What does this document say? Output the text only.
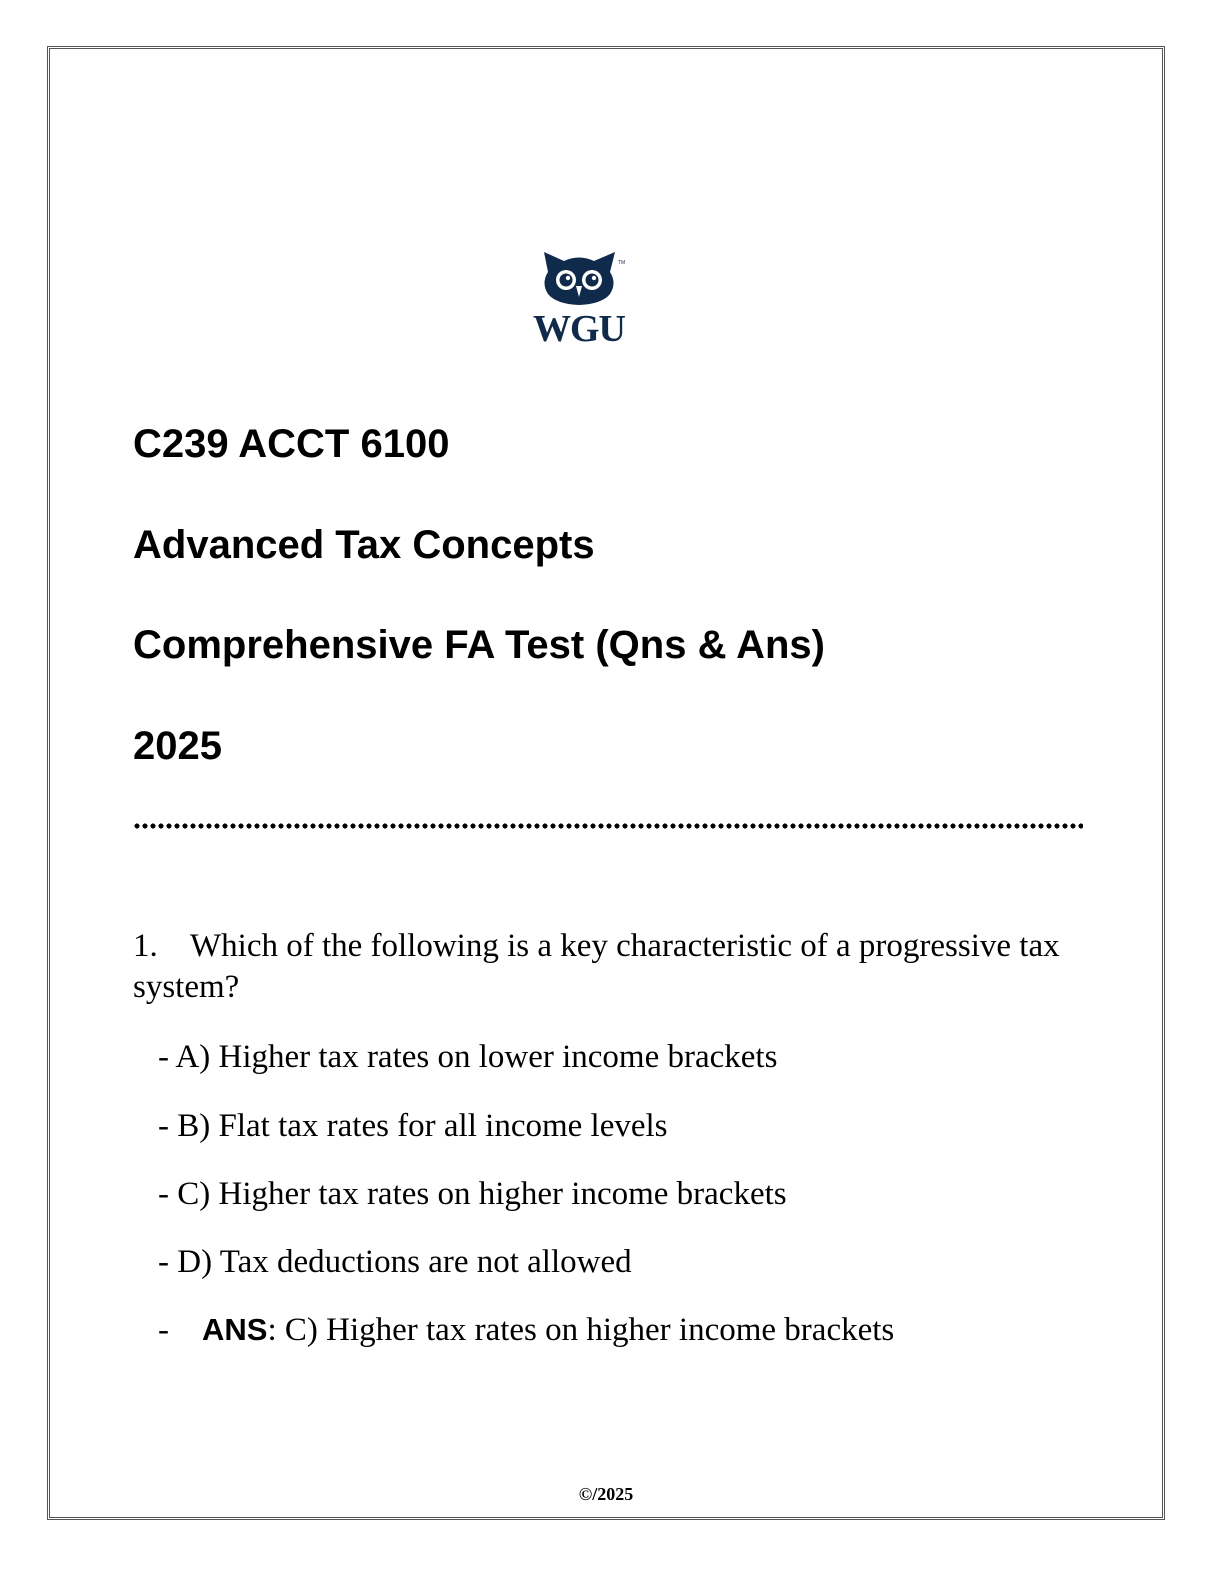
TM
WGU
C239 ACCT 6100
Advanced Tax Concepts
Comprehensive FA Test (Qns & Ans)
2025

1. Which of the following is a key characteristic of a progressive tax system?

- A) Higher tax rates on lower income brackets

- B) Flat tax rates for all income levels

- C) Higher tax rates on higher income brackets

- D) Tax deductions are not allowed

- ANS: C) Higher tax rates on higher income brackets

©/2025
